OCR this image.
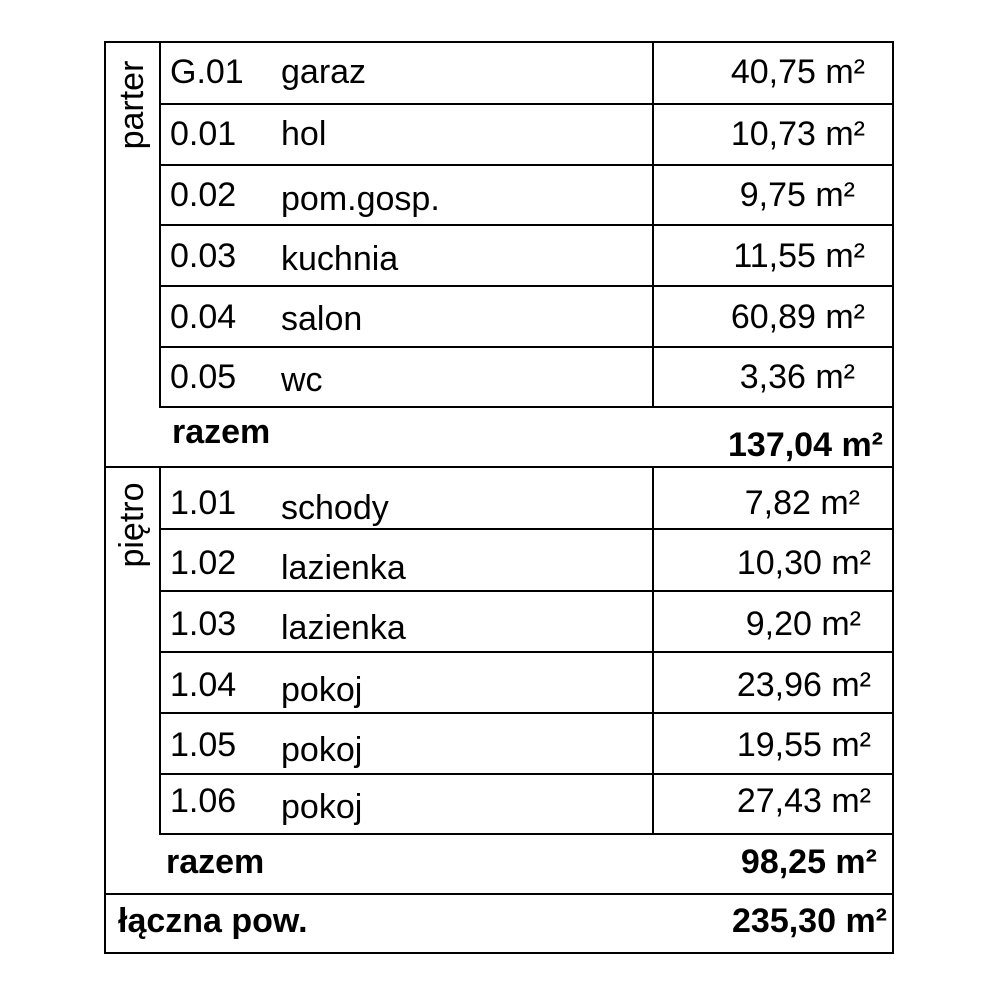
parter
piętro
G.01 garaz	40,75 m²
0.01 hol	10,73 m²
0.02 pom.gosp.	9,75 m²
0.03 kuchnia	11,55 m²
0.04 salon	60,89 m²
0.05 wc	3,36 m²
razem	137,04 m²
1.01 schody	7,82 m²
1.02 lazienka	10,30 m²
1.03 lazienka	9,20 m²
1.04 pokoj	23,96 m²
1.05 pokoj	19,55 m²
1.06 pokoj	27,43 m²
razem	98,25 m²
łączna pow.	235,30 m²
